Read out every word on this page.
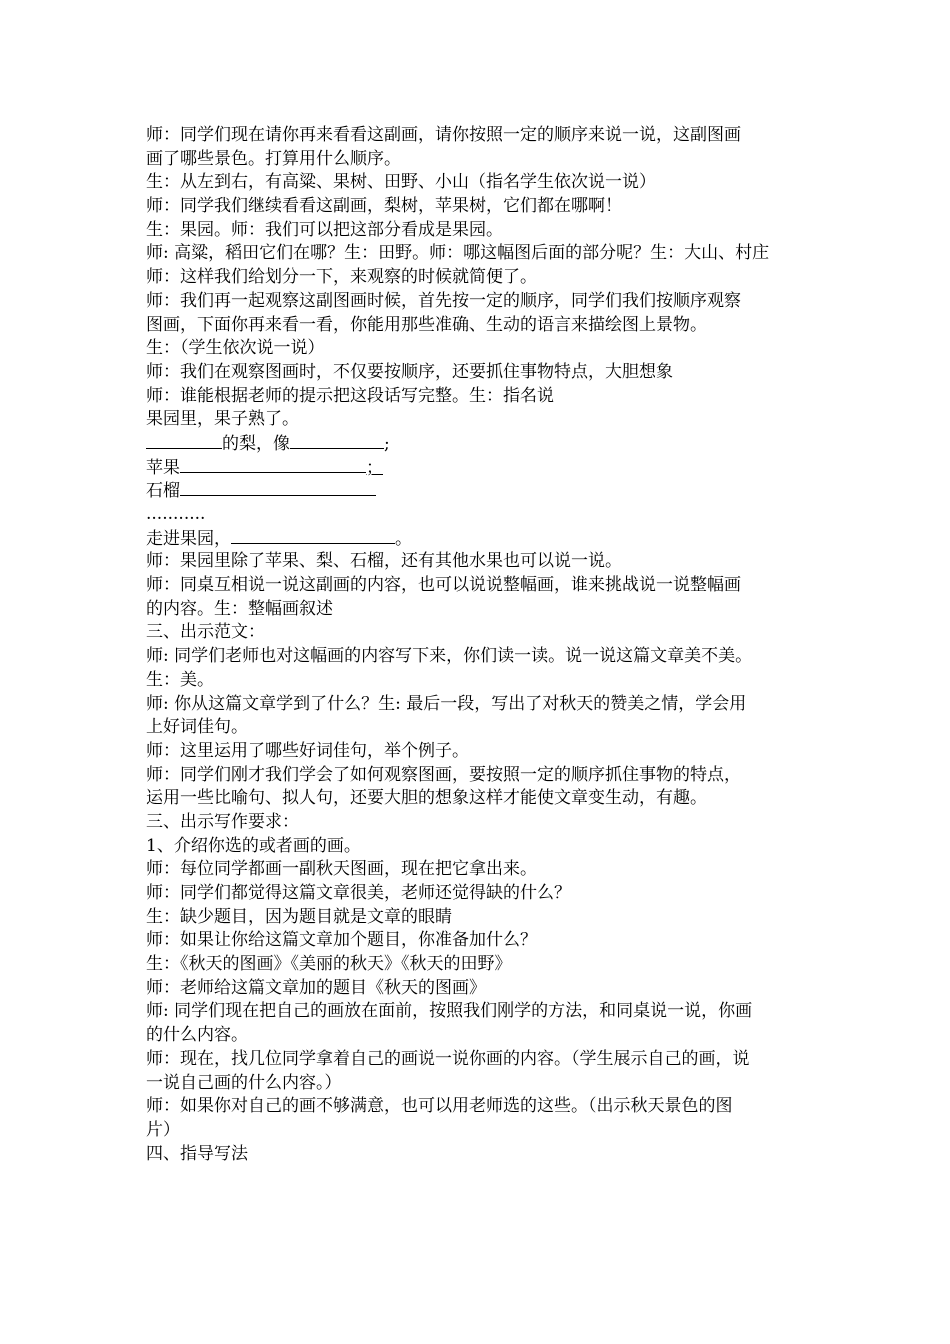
师：同学们现在请你再来看看这副画，请你按照一定的顺序来说一说，这副图画
画了哪些景色。打算用什么顺序。
生：从左到右，有高粱、果树、田野、小山（指名学生依次说一说）
师：同学我们继续看看这副画，梨树，苹果树，它们都在哪啊！
生：果园。师：我们可以把这部分看成是果园。
师: 高粱，稻田它们在哪？生：田野。师：哪这幅图后面的部分呢？生：大山、村庄
师：这样我们给划分一下，来观察的时候就简便了。
师：我们再一起观察这副图画时候，首先按一定的顺序，同学们我们按顺序观察
图画，下面你再来看一看，你能用那些准确、生动的语言来描绘图上景物。
生：（学生依次说一说）
师：我们在观察图画时，不仅要按顺序，还要抓住事物特点，大胆想象
师：谁能根据老师的提示把这段话写完整。生：指名说
果园里，果子熟了。
的梨，像	;
苹果	；
石榴
...........
走进果园，	。
师：果园里除了苹果、梨、石榴，还有其他水果也可以说一说。
师：同桌互相说一说这副画的内容，也可以说说整幅画，谁来挑战说一说整幅画
的内容。生：整幅画叙述
三、出示范文：
师: 同学们老师也对这幅画的内容写下来，你们读一读。说一说这篇文章美不美。
生：美。
师: 你从这篇文章学到了什么？生: 最后一段，写出了对秋天的赞美之情，学会用
上好词佳句。
师：这里运用了哪些好词佳句，举个例子。
师：同学们刚才我们学会了如何观察图画，要按照一定的顺序抓住事物的特点，
运用一些比喻句、拟人句，还要大胆的想象这样才能使文章变生动，有趣。
三、出示写作要求：
1、介绍你选的或者画的画。
师：每位同学都画一副秋天图画，现在把它拿出来。
师：同学们都觉得这篇文章很美，老师还觉得缺的什么？
生：缺少题目，因为题目就是文章的眼睛
师：如果让你给这篇文章加个题目，你准备加什么？
生：《秋天的图画》《美丽的秋天》《秋天的田野》
师：老师给这篇文章加的题目《秋天的图画》
师: 同学们现在把自己的画放在面前，按照我们刚学的方法，和同桌说一说，你画
的什么内容。
师：现在，找几位同学拿着自己的画说一说你画的内容。（学生展示自己的画，说
一说自己画的什么内容。）
师：如果你对自己的画不够满意，也可以用老师选的这些。（出示秋天景色的图
片）
四、指导写法
